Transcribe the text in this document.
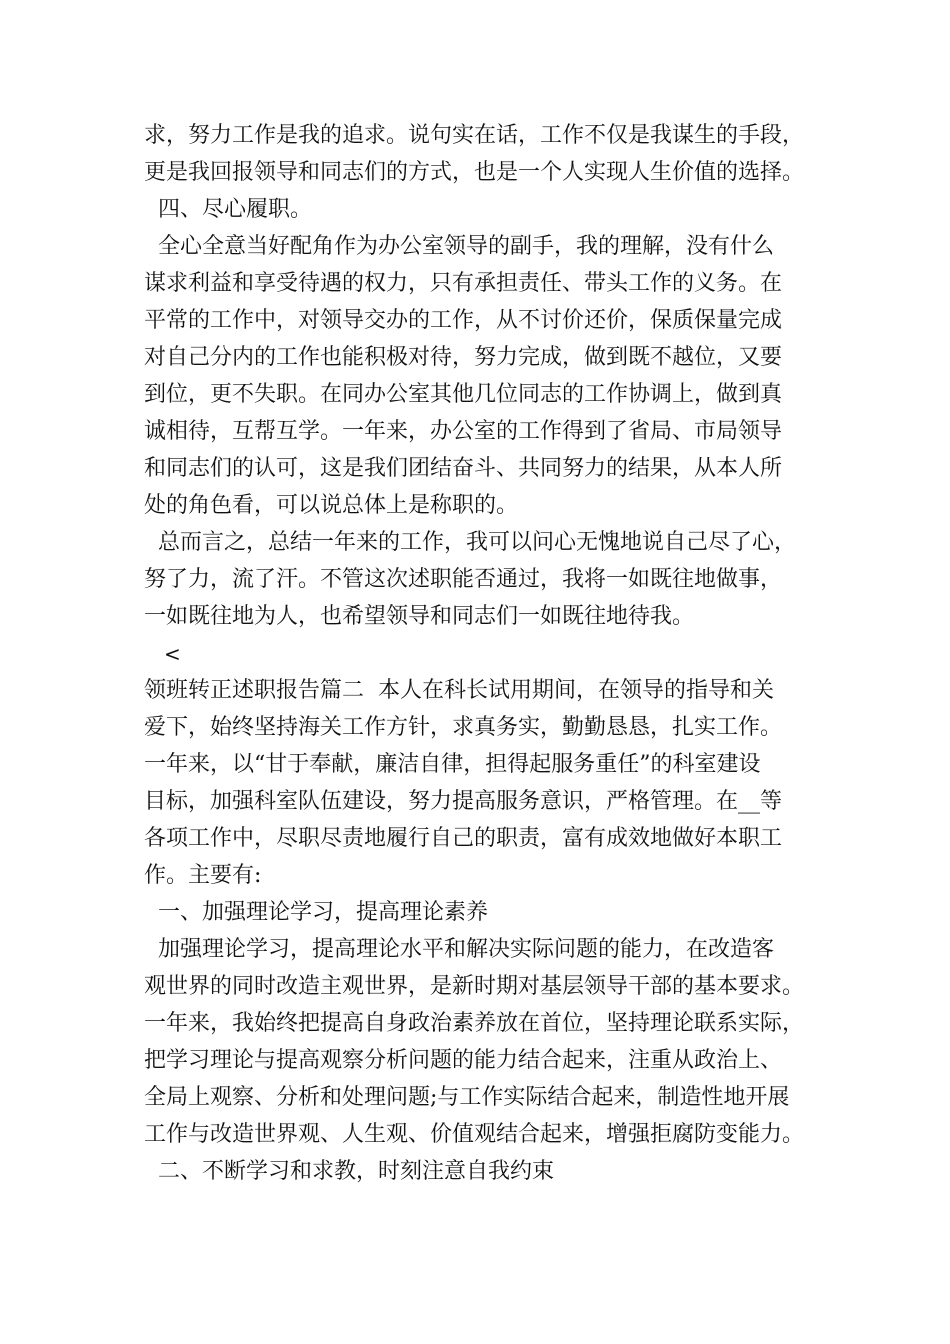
求，努力工作是我的追求。说句实在话，工作不仅是我谋生的手段，
更是我回报领导和同志们的方式，也是一个人实现人生价值的选择。
四、尽心履职。
全心全意当好配角作为办公室领导的副手，我的理解，没有什么
谋求利益和享受待遇的权力，只有承担责任、带头工作的义务。在
平常的工作中，对领导交办的工作，从不讨价还价，保质保量完成
对自己分内的工作也能积极对待，努力完成，做到既不越位，又要
到位，更不失职。在同办公室其他几位同志的工作协调上，做到真
诚相待，互帮互学。一年来，办公室的工作得到了省局、市局领导
和同志们的认可，这是我们团结奋斗、共同努力的结果，从本人所
处的角色看，可以说总体上是称职的。
总而言之，总结一年来的工作，我可以问心无愧地说自己尽了心，
努了力，流了汗。不管这次述职能否通过，我将一如既往地做事，
一如既往地为人，也希望领导和同志们一如既往地待我。
<
领班转正述职报告篇二  本人在科长试用期间，在领导的指导和关
爱下，始终坚持海关工作方针，求真务实，勤勤恳恳，扎实工作。
一年来，以“甘于奉献，廉洁自律，担得起服务重任”的科室建设
目标，加强科室队伍建设，努力提高服务意识，严格管理。在__等
各项工作中，尽职尽责地履行自己的职责，富有成效地做好本职工
作。主要有:
一、加强理论学习，提高理论素养
加强理论学习，提高理论水平和解决实际问题的能力，在改造客
观世界的同时改造主观世界，是新时期对基层领导干部的基本要求。
一年来，我始终把提高自身政治素养放在首位，坚持理论联系实际，
把学习理论与提高观察分析问题的能力结合起来，注重从政治上、
全局上观察、分析和处理问题;与工作实际结合起来，制造性地开展
工作与改造世界观、人生观、价值观结合起来，增强拒腐防变能力。
二、不断学习和求教，时刻注意自我约束
